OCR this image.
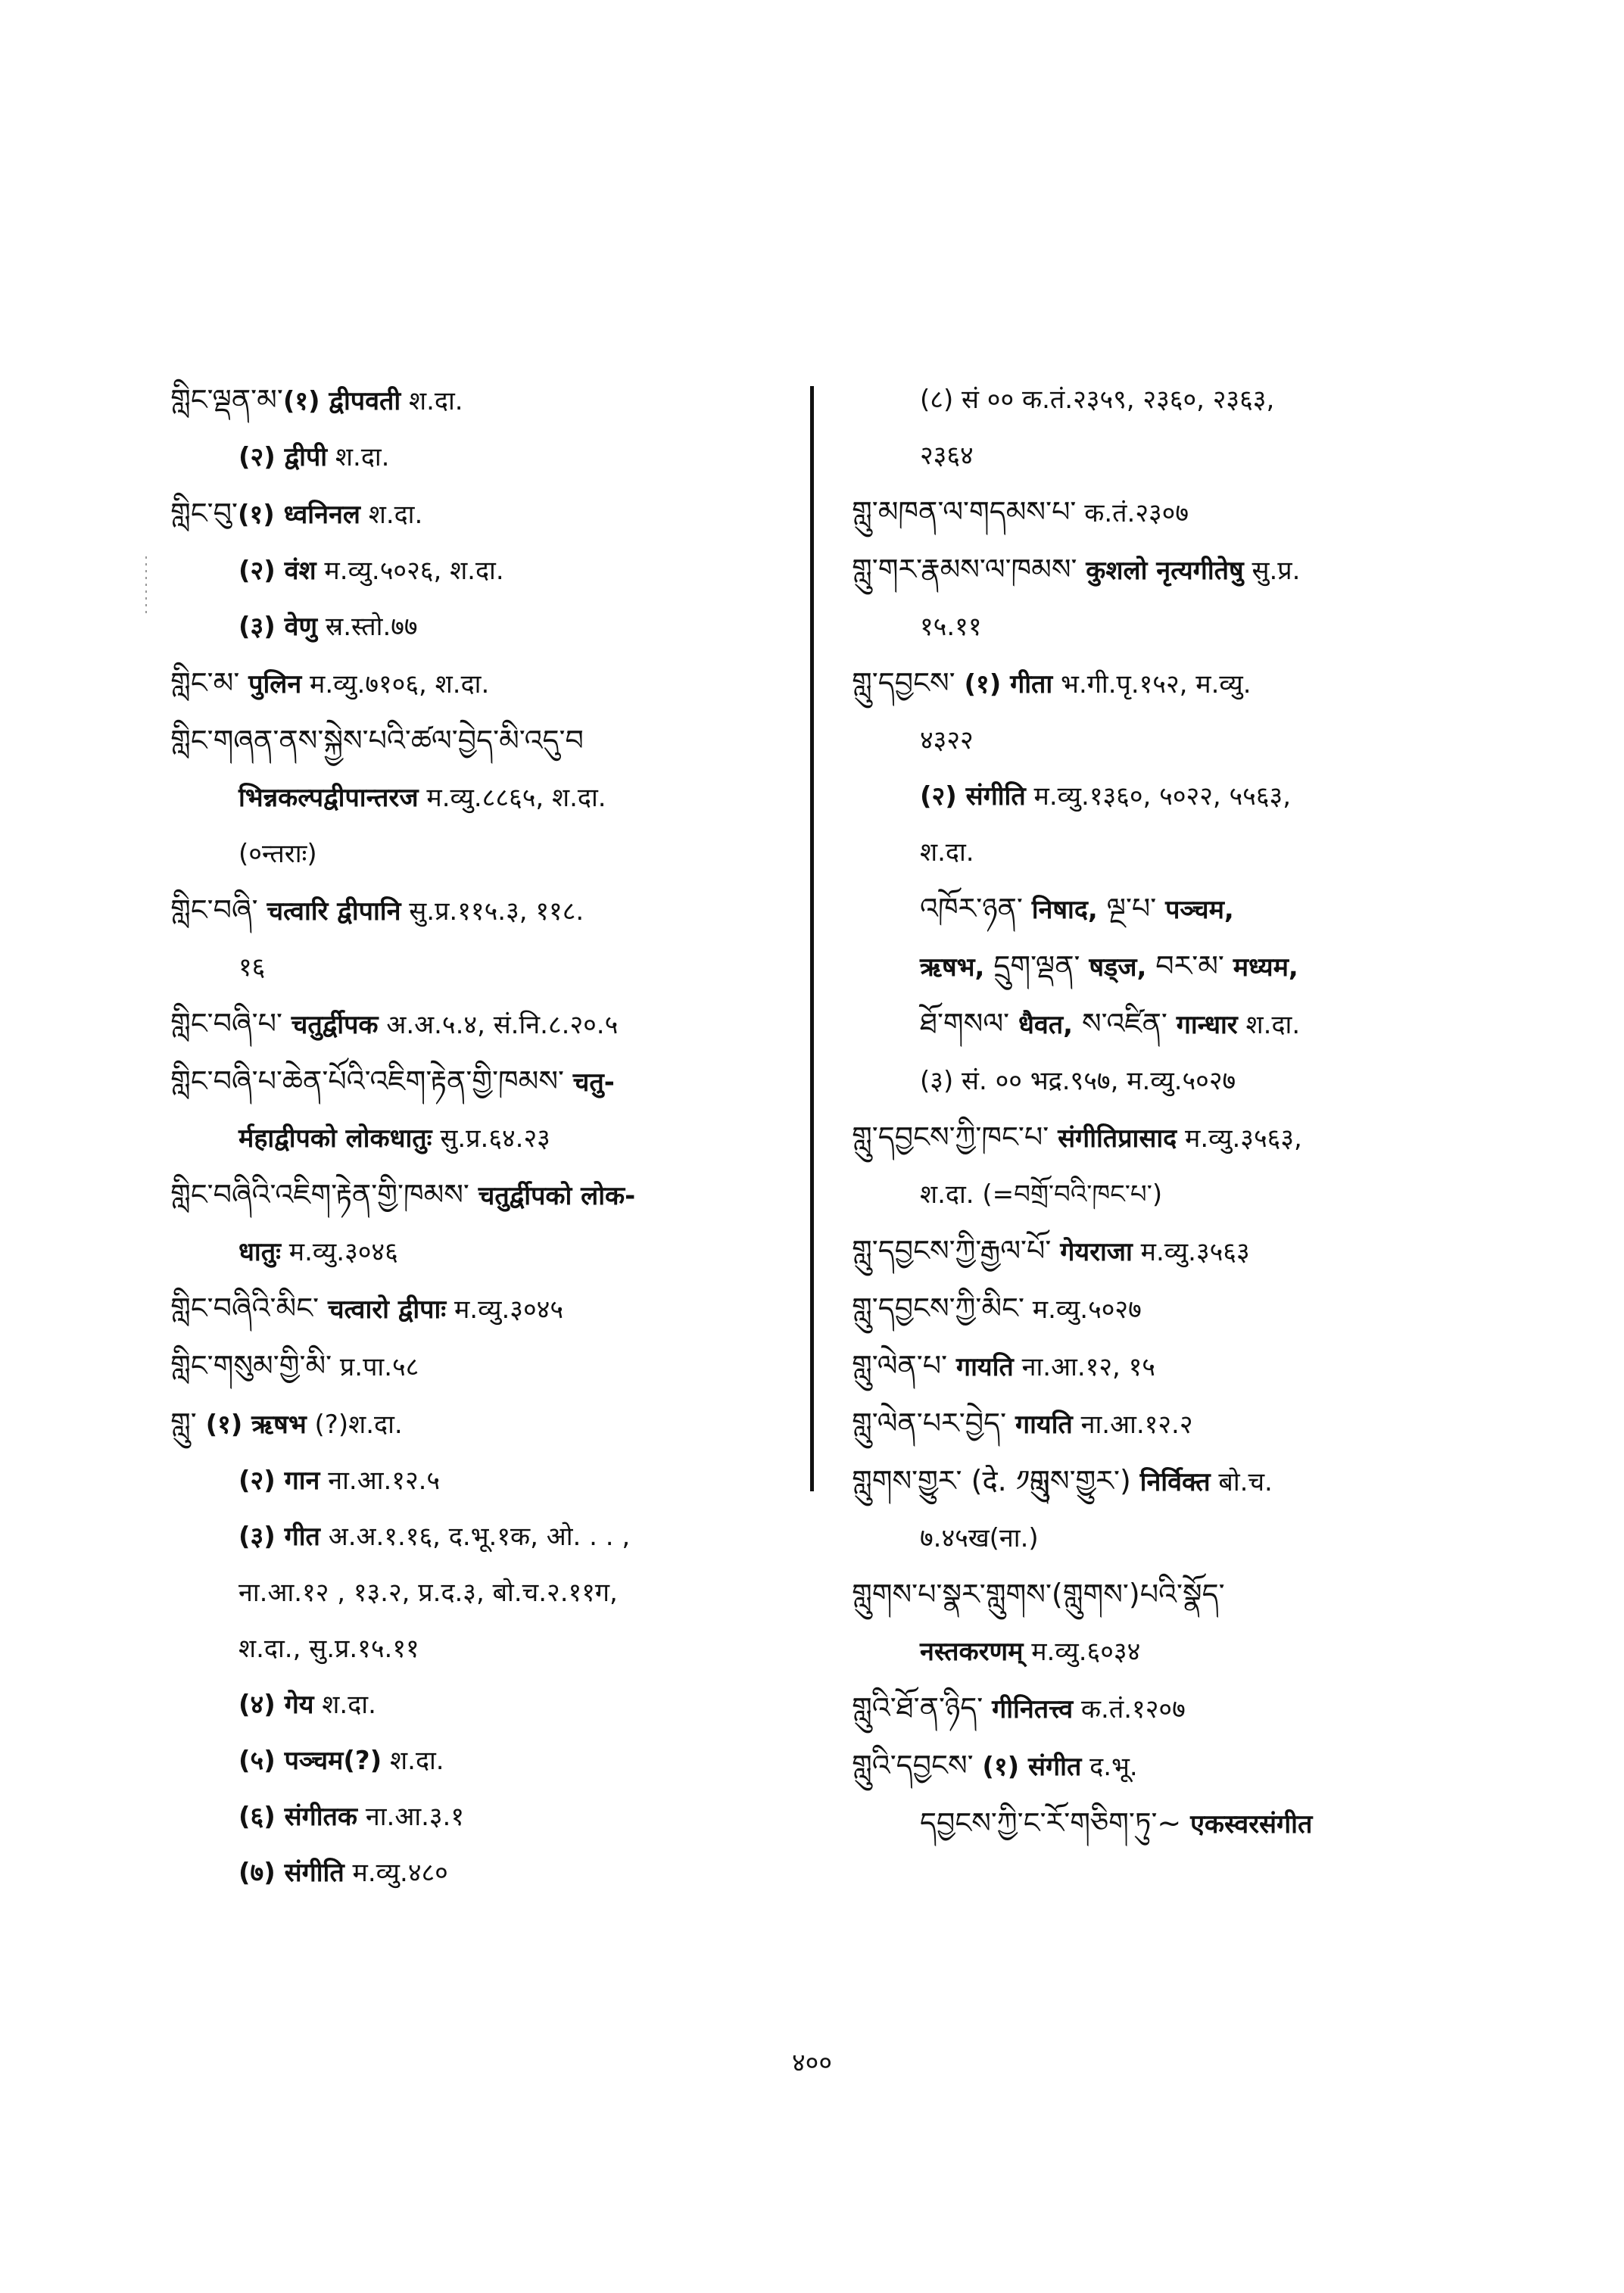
གླིང་ལྡན་མ་(१) द्वीपवती श.दा.
(२) द्वीपी श.दा.
གླིང་བུ་(१) ध्वनिनल श.दा.
(२) वंश म.व्यु.५०२६, श.दा.
(३) वेणु स्र.स्तो.७७
གླིང་མ་ पुलिन म.व्यु.७१०६, श.दा.
གླིང་གཞན་ནས་སྐྱེས་པའི་ཚལ་བྱེད་མི་འདུ་བ
भिन्नकल्पद्वीपान्तरज म.व्यु.८८६५, श.दा.
(०न्तराः)
གླིང་བཞི་ चत्वारि द्वीपानि सु.प्र.११५.३, ११८.
१६
གླིང་བཞི་པ་ चतुर्द्वीपक अ.अ.५.४, सं.नि.८.२०.५
གླིང་བཞི་པ་ཆེན་པོའི་འཇིག་རྟེན་གྱི་ཁམས་ चतु-
र्महाद्वीपको लोकधातुः सु.प्र.६४.२३
གླིང་བཞིའི་འཇིག་རྟེན་གྱི་ཁམས་ चतुर्द्वीपको लोक-
धातुः म.व्यु.३०४६
གླིང་བཞིའི་མིང་ चत्वारो द्वीपाः म.व्यु.३०४५
གླིང་གསུམ་གྱི་མི་ प्र.पा.५८
གླུ་ (१) ऋषभ (?)श.दा.
(२) गान ना.आ.१२.५
(३) गीत अ.अ.१.१६, द.भू.१क, ओ. . . ,
ना.आ.१२ , १३.२, प्र.द.३, बो.च.२.११ग,
श.दा., सु.प्र.१५.११
(४) गेय श.दा.
(५) पञ्चम(?) श.दा.
(६) संगीतक ना.आ.३.१
(७) संगीति म.व्यु.४८०
(८) सं ०० क.तं.२३५९, २३६०, २३६३,
२३६४
གླུ་མཁན་ལ་གདམས་པ་ क.तं.२३०७
གླུ་གར་རྣམས་ལ་ཁམས་ कुशलो नृत्यगीतेषु सु.प्र.
१५.११
གླུ་དབྱངས་ (१) गीता भ.गी.पृ.१५२, म.व्यु.
४३२२
(२) संगीति म.व्यु.१३६०, ५०२२, ५५६३,
श.दा.
འཁོར་ཉན་ निषाद, ལྔ་པ་ पञ्चम,
ऋषभ, དྲུག་ལྡན་ षड्ज, བར་མ་ मध्यम,
ཐོ་གསལ་ धैवत, ས་འཛིན་ गान्धार श.दा.
(३) सं. ०० भद्र.९५७, म.व्यु.५०२७
གླུ་དབྱངས་ཀྱི་ཁང་པ་ संगीतिप्रासाद म.व्यु.३५६३,
श.दा. (=བགྲོ་བའི་ཁང་པ་)
གླུ་དབྱངས་ཀྱི་རྒྱལ་པོ་ गेयराजा म.व्यु.३५६३
གླུ་དབྱངས་ཀྱི་མིང་ म.व्यु.५०२७
གླུ་ལེན་པ་ गायति ना.आ.१२, १५
གླུ་ལེན་པར་བྱེད་ गायति ना.आ.१२.२
གླུགས་གྱུར་ (दे. ༡ླུགས་གྱུར་) निर्विक्त बो.च.
७.४५ख(ना.)
གླུགས་པ་སྣར་གླུགས་(གླུགས་)པའི་སྣོད་
नस्तकरणम् म.व्यु.६०३४
གླུའི་ཐོ་ན་ཉིད་ गीनितत्त्व क.तं.१२०७
གླུའི་དབྱངས་ (१) संगीत द.भू.
དབྱངས་ཀྱི་ང་རོ་གཅིག་ཏུ་~ एकस्वरसंगीत
४००
